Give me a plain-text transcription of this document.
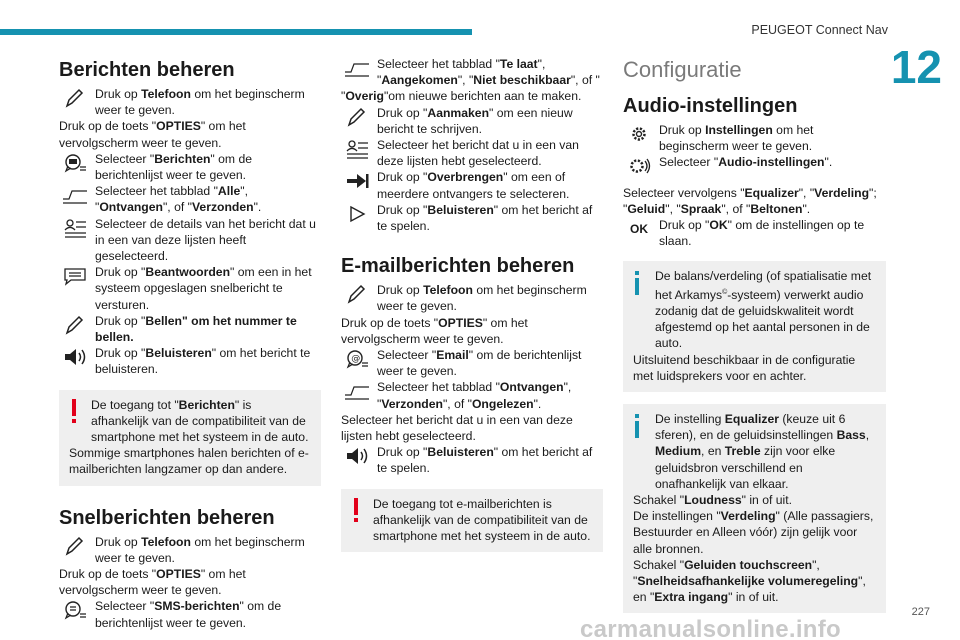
PEUGEOT Connect Nav
12
227
carmanualsonline.info
Berichten beheren
Druk op Telefoon om het beginscherm weer te geven.

Druk op de toets "OPTIES" om het vervolgscherm weer te geven.

Selecteer "Berichten" om de berichtenlijst weer te geven.
Selecteer het tabblad "Alle", "Ontvangen", of "Verzonden".
Selecteer de details van het bericht dat u in een van deze lijsten heeft geselecteerd.
Druk op "Beantwoorden" om een in het systeem opgeslagen snelbericht te versturen.
Druk op "Bellen" om het nummer te bellen.
Druk op "Beluisteren" om het bericht te beluisteren.

De toegang tot "Berichten" is afhankelijk van de compatibiliteit van de smartphone met het systeem in de auto.

Sommige smartphones halen berichten of e-mailberichten langzamer op dan andere.

Snelberichten beheren
Druk op Telefoon om het beginscherm weer te geven.

Druk op de toets "OPTIES" om het vervolgscherm weer te geven.

Selecteer "SMS-berichten" om de berichtenlijst weer te geven.
Selecteer het tabblad "Te laat", "Aangekomen", "Niet beschikbaar", of "

"Overig"om nieuwe berichten aan te maken.

Druk op "Aanmaken" om een nieuw bericht te schrijven.
Selecteer het bericht dat u in een van deze lijsten hebt geselecteerd.
Druk op "Overbrengen" om een of meerdere ontvangers te selecteren.
Druk op "Beluisteren" om het bericht af te spelen.
E-mailberichten beheren
Druk op Telefoon om het beginscherm weer te geven.

Druk op de toets "OPTIES" om het vervolgscherm weer te geven.

@ Selecteer "Email" om de berichtenlijst weer te geven.
Selecteer het tabblad "Ontvangen", "Verzonden", of "Ongelezen".

Selecteer het bericht dat u in een van deze lijsten hebt geselecteerd.

Druk op "Beluisteren" om het bericht af te spelen.

De toegang tot e-mailberichten is afhankelijk van de compatibiliteit van de smartphone met het systeem in de auto.

Configuratie
Audio-instellingen
Druk op Instellingen om het beginscherm weer te geven.
Selecteer "Audio-instellingen".

Selecteer vervolgens "Equalizer", "Verdeling"; "Geluid", "Spraak", of "Beltonen".

OK Druk op "OK" om de instellingen op te slaan.

De balans/verdeling (of spatialisatie met het Arkamys©-systeem) verwerkt audio zodanig dat de geluidskwaliteit wordt afgestemd op het aantal personen in de auto.

Uitsluitend beschikbaar in de configuratie met luidsprekers voor en achter.

De instelling Equalizer (keuze uit 6 sferen), en de geluidsinstellingen Bass, Medium, en Treble zijn voor elke geluidsbron verschillend en onafhankelijk van elkaar.

Schakel "Loudness" in of uit.

De instellingen "Verdeling" (Alle passagiers, Bestuurder en Alleen vóór) zijn gelijk voor alle bronnen.

Schakel "Geluiden touchscreen", "Snelheidsafhankelijke volumeregeling", en "Extra ingang" in of uit.
